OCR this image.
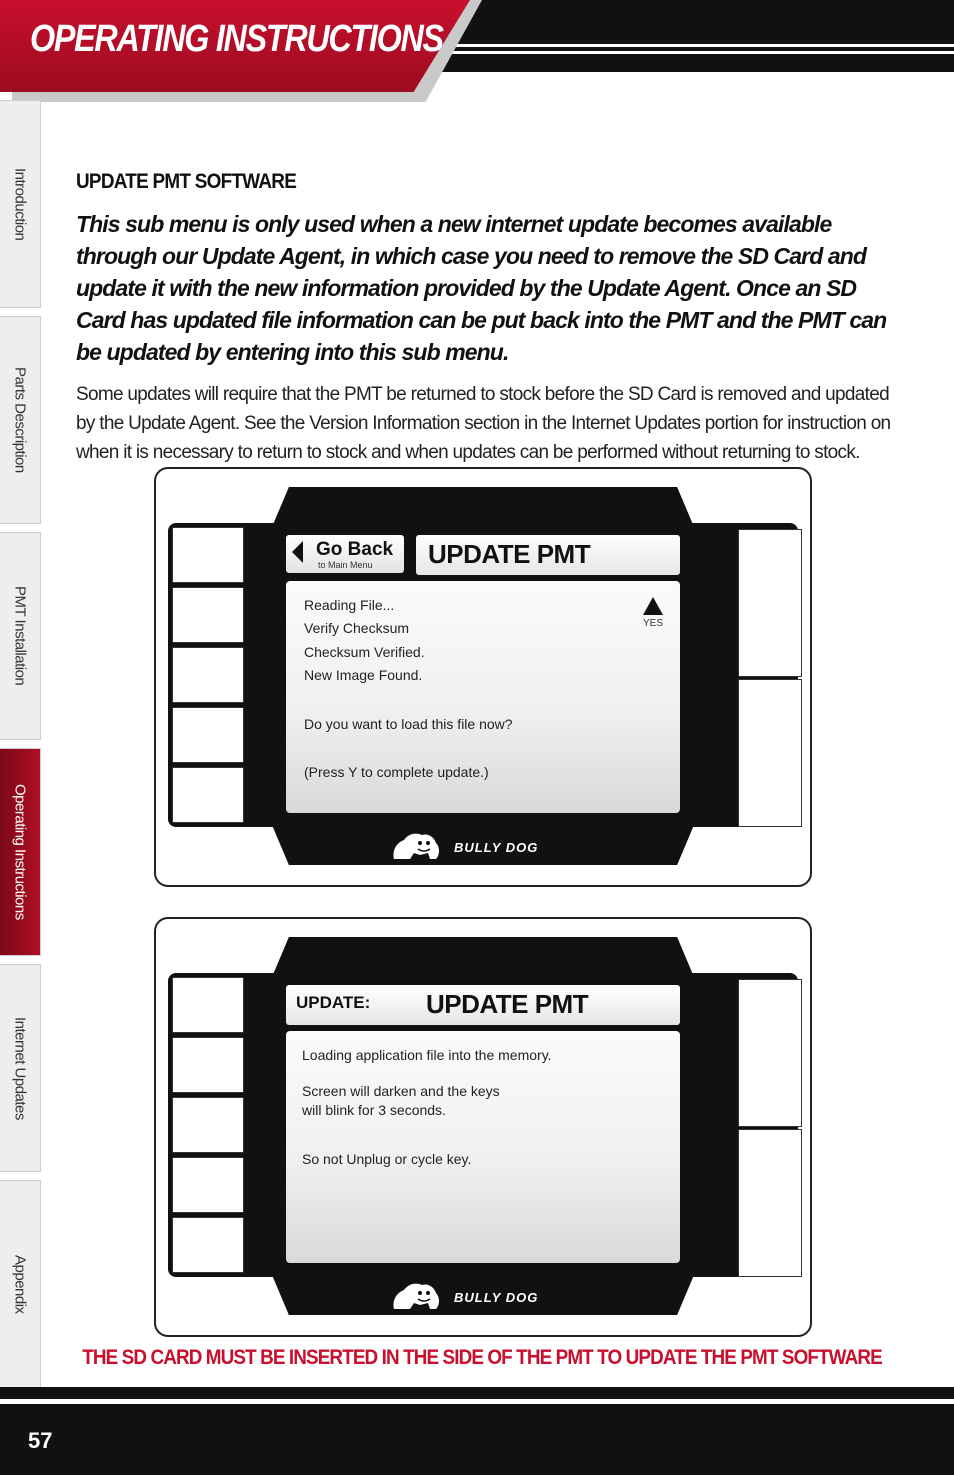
OPERATING INSTRUCTIONS
Introduction
Parts Description
PMT Installation
Operating Instructions
Internet Updates
Appendix
UPDATE PMT SOFTWARE
This sub menu is only used when a new internet update becomes available through our Update Agent, in which case you need to remove the SD Card and update it with the new information provided by the Update Agent. Once an SD Card has updated file information can be put back into the PMT and the PMT can be updated by entering into this sub menu.
Some updates will require that the PMT be returned to stock before the SD Card is removed and updated by the Update Agent. See the Version Information section in the Internet Updates portion for instruction on when it is necessary to return to stock and when updates can be performed without returning to stock.
Go Back
to Main Menu UPDATE PMT
Reading File...
Verify Checksum
Checksum Verified.
New Image Found.
Do you want to load this file now?
(Press Y to complete update.)
YES
BULLY DOG
UPDATE: UPDATE PMT
Loading application file into the memory.
Screen will darken and the keys
will blink for 3 seconds.
So not Unplug or cycle key.
BULLY DOG
THE SD CARD MUST BE INSERTED IN THE SIDE OF THE PMT TO UPDATE THE PMT SOFTWARE
57
